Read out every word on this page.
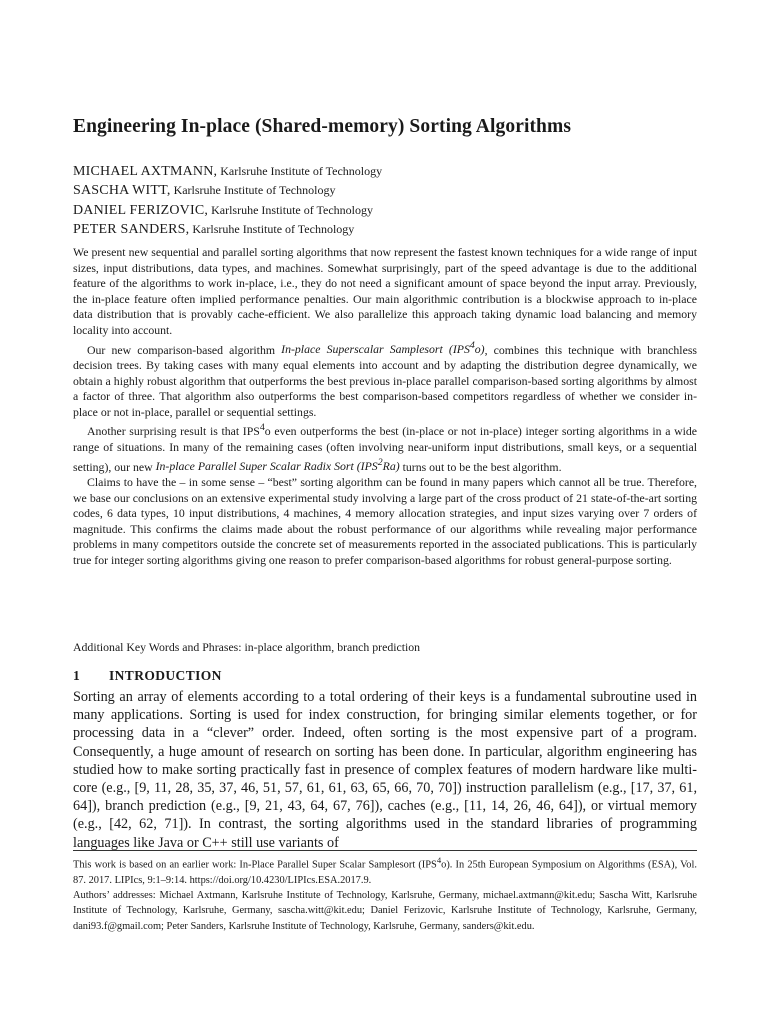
Engineering In-place (Shared-memory) Sorting Algorithms
MICHAEL AXTMANN, Karlsruhe Institute of Technology
SASCHA WITT, Karlsruhe Institute of Technology
DANIEL FERIZOVIC, Karlsruhe Institute of Technology
PETER SANDERS, Karlsruhe Institute of Technology

We present new sequential and parallel sorting algorithms that now represent the fastest known techniques for a wide range of input sizes, input distributions, data types, and machines. Somewhat surprisingly, part of the speed advantage is due to the additional feature of the algorithms to work in-place, i.e., they do not need a significant amount of space beyond the input array. Previously, the in-place feature often implied performance penalties. Our main algorithmic contribution is a blockwise approach to in-place data distribution that is provably cache-efficient. We also parallelize this approach taking dynamic load balancing and memory locality into account.

Our new comparison-based algorithm In-place Superscalar Samplesort (IPS$^4$o), combines this technique with branchless decision trees. By taking cases with many equal elements into account and by adapting the distribution degree dynamically, we obtain a highly robust algorithm that outperforms the best previous in-place parallel comparison-based sorting algorithms by almost a factor of three. That algorithm also outperforms the best comparison-based competitors regardless of whether we consider in-place or not in-place, parallel or sequential settings.

Another surprising result is that IPS$^4$o even outperforms the best (in-place or not in-place) integer sorting algorithms in a wide range of situations. In many of the remaining cases (often involving near-uniform input distributions, small keys, or a sequential setting), our new In-place Parallel Super Scalar Radix Sort (IPS$^2$Ra) turns out to be the best algorithm.

Claims to have the – in some sense – “best” sorting algorithm can be found in many papers which cannot all be true. Therefore, we base our conclusions on an extensive experimental study involving a large part of the cross product of 21 state-of-the-art sorting codes, 6 data types, 10 input distributions, 4 machines, 4 memory allocation strategies, and input sizes varying over 7 orders of magnitude. This confirms the claims made about the robust performance of our algorithms while revealing major performance problems in many competitors outside the concrete set of measurements reported in the associated publications. This is particularly true for integer sorting algorithms giving one reason to prefer comparison-based algorithms for robust general-purpose sorting.

Additional Key Words and Phrases: in-place algorithm, branch prediction
1 INTRODUCTION

Sorting an array of elements according to a total ordering of their keys is a fundamental subroutine used in many applications. Sorting is used for index construction, for bringing similar elements together, or for processing data in a “clever” order. Indeed, often sorting is the most expensive part of a program. Consequently, a huge amount of research on sorting has been done. In particular, algorithm engineering has studied how to make sorting practically fast in presence of complex features of modern hardware like multi-core (e.g., [9, 11, 28, 35, 37, 46, 51, 57, 61, 61, 63, 65, 66, 70, 70]) instruction parallelism (e.g., [17, 37, 61, 64]), branch prediction (e.g., [9, 21, 43, 64, 67, 76]), caches (e.g., [11, 14, 26, 46, 64]), or virtual memory (e.g., [42, 62, 71]). In contrast, the sorting algorithms used in the standard libraries of programming languages like Java or C++ still use variants of

This work is based on an earlier work: In-Place Parallel Super Scalar Samplesort (IPS$^4$o). In 25th European Symposium on Algorithms (ESA), Vol. 87. 2017. LIPIcs, 9:1–9:14. https://doi.org/10.4230/LIPIcs.ESA.2017.9.

Authors’ addresses: Michael Axtmann, Karlsruhe Institute of Technology, Karlsruhe, Germany, michael.axtmann@kit.edu; Sascha Witt, Karlsruhe Institute of Technology, Karlsruhe, Germany, sascha.witt@kit.edu; Daniel Ferizovic, Karlsruhe Institute of Technology, Karlsruhe, Germany, dani93.f@gmail.com; Peter Sanders, Karlsruhe Institute of Technology, Karlsruhe, Germany, sanders@kit.edu.
